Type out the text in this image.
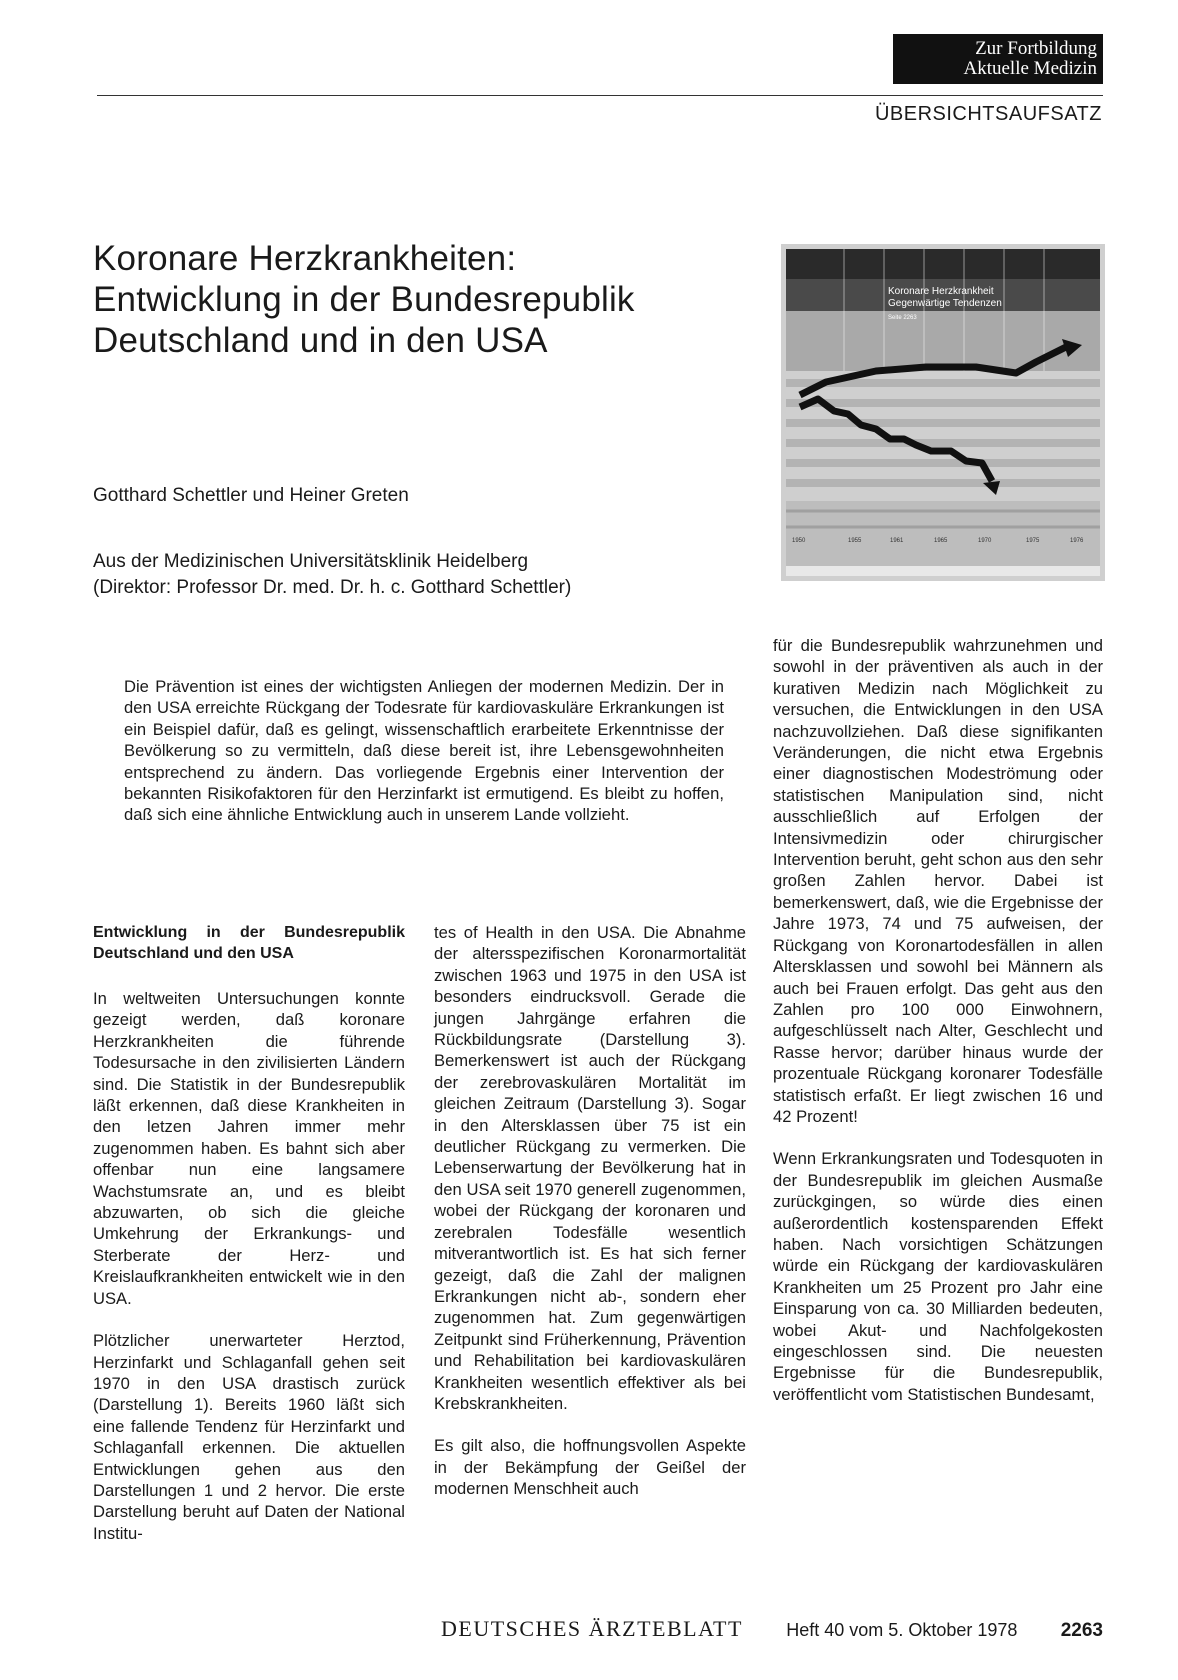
Zur Fortbildung
Aktuelle Medizin
ÜBERSICHTSAUFSATZ
Koronare Herzkrankheiten: Entwicklung in der Bundesrepublik Deutschland und in den USA
Gotthard Schettler und Heiner Greten
Aus der Medizinischen Universitätsklinik Heidelberg
(Direktor: Professor Dr. med. Dr. h. c. Gotthard Schettler)
Koronare Herzkrankheit
Gegenwärtige Tendenzen
Seite 2263
1950	1955	1961	1965	1970	1975	1976

Die Prävention ist eines der wichtigsten Anliegen der modernen Medizin. Der in den USA erreichte Rückgang der Todesrate für kardiovaskuläre Erkrankungen ist ein Beispiel dafür, daß es gelingt, wissenschaftlich erarbeitete Erkenntnisse der Bevölkerung so zu vermitteln, daß diese bereit ist, ihre Lebensgewohnheiten entsprechend zu ändern. Das vorliegende Ergebnis einer Intervention der bekannten Risikofaktoren für den Herzinfarkt ist ermutigend. Es bleibt zu hoffen, daß sich eine ähnliche Entwicklung auch in unserem Lande vollzieht.

Entwicklung in der Bundesrepublik Deutschland und den USA

In weltweiten Untersuchungen konnte gezeigt werden, daß koronare Herzkrankheiten die führende Todesursache in den zivilisierten Ländern sind. Die Statistik in der Bundesrepublik läßt erkennen, daß diese Krankheiten in den letzen Jahren immer mehr zugenommen haben. Es bahnt sich aber offenbar nun eine langsamere Wachstumsrate an, und es bleibt abzuwarten, ob sich die gleiche Umkehrung der Erkrankungs- und Sterberate der Herz- und Kreislaufkrankheiten entwickelt wie in den USA.

Plötzlicher unerwarteter Herztod, Herzinfarkt und Schlaganfall gehen seit 1970 in den USA drastisch zurück (Darstellung 1). Bereits 1960 läßt sich eine fallende Tendenz für Herzinfarkt und Schlaganfall erkennen. Die aktuellen Entwicklungen gehen aus den Darstellungen 1 und 2 hervor. Die erste Darstellung beruht auf Daten der National Institu-

tes of Health in den USA. Die Abnahme der altersspezifischen Koronarmortalität zwischen 1963 und 1975 in den USA ist besonders eindrucksvoll. Gerade die jungen Jahrgänge erfahren die Rückbildungsrate (Darstellung 3). Bemerkenswert ist auch der Rückgang der zerebrovaskulären Mortalität im gleichen Zeitraum (Darstellung 3). Sogar in den Altersklassen über 75 ist ein deutlicher Rückgang zu vermerken. Die Lebenserwartung der Bevölkerung hat in den USA seit 1970 generell zugenommen, wobei der Rückgang der koronaren und zerebralen Todesfälle wesentlich mitverantwortlich ist. Es hat sich ferner gezeigt, daß die Zahl der malignen Erkrankungen nicht ab-, sondern eher zugenommen hat. Zum gegenwärtigen Zeitpunkt sind Früherkennung, Prävention und Rehabilitation bei kardiovaskulären Krankheiten wesentlich effektiver als bei Krebskrankheiten.

Es gilt also, die hoffnungsvollen Aspekte in der Bekämpfung der Geißel der modernen Menschheit auch

für die Bundesrepublik wahrzunehmen und sowohl in der präventiven als auch in der kurativen Medizin nach Möglichkeit zu versuchen, die Entwicklungen in den USA nachzuvollziehen. Daß diese signifikanten Veränderungen, die nicht etwa Ergebnis einer diagnostischen Modeströmung oder statistischen Manipulation sind, nicht ausschließlich auf Erfolgen der Intensivmedizin oder chirurgischer Intervention beruht, geht schon aus den sehr großen Zahlen hervor. Dabei ist bemerkenswert, daß, wie die Ergebnisse der Jahre 1973, 74 und 75 aufweisen, der Rückgang von Koronartodesfällen in allen Altersklassen und sowohl bei Männern als auch bei Frauen erfolgt. Das geht aus den Zahlen pro 100 000 Einwohnern, aufgeschlüsselt nach Alter, Geschlecht und Rasse hervor; darüber hinaus wurde der prozentuale Rückgang koronarer Todesfälle statistisch erfaßt. Er liegt zwischen 16 und 42 Prozent!

Wenn Erkrankungsraten und Todesquoten in der Bundesrepublik im gleichen Ausmaße zurückgingen, so würde dies einen außerordentlich kostensparenden Effekt haben. Nach vorsichtigen Schätzungen würde ein Rückgang der kardiovaskulären Krankheiten um 25 Prozent pro Jahr eine Einsparung von ca. 30 Milliarden bedeuten, wobei Akut- und Nachfolgekosten eingeschlossen sind. Die neuesten Ergebnisse für die Bundesrepublik, veröffentlicht vom Statistischen Bundesamt,

DEUTSCHES ÄRZTEBLATT Heft 40 vom 5. Oktober 1978 2263
